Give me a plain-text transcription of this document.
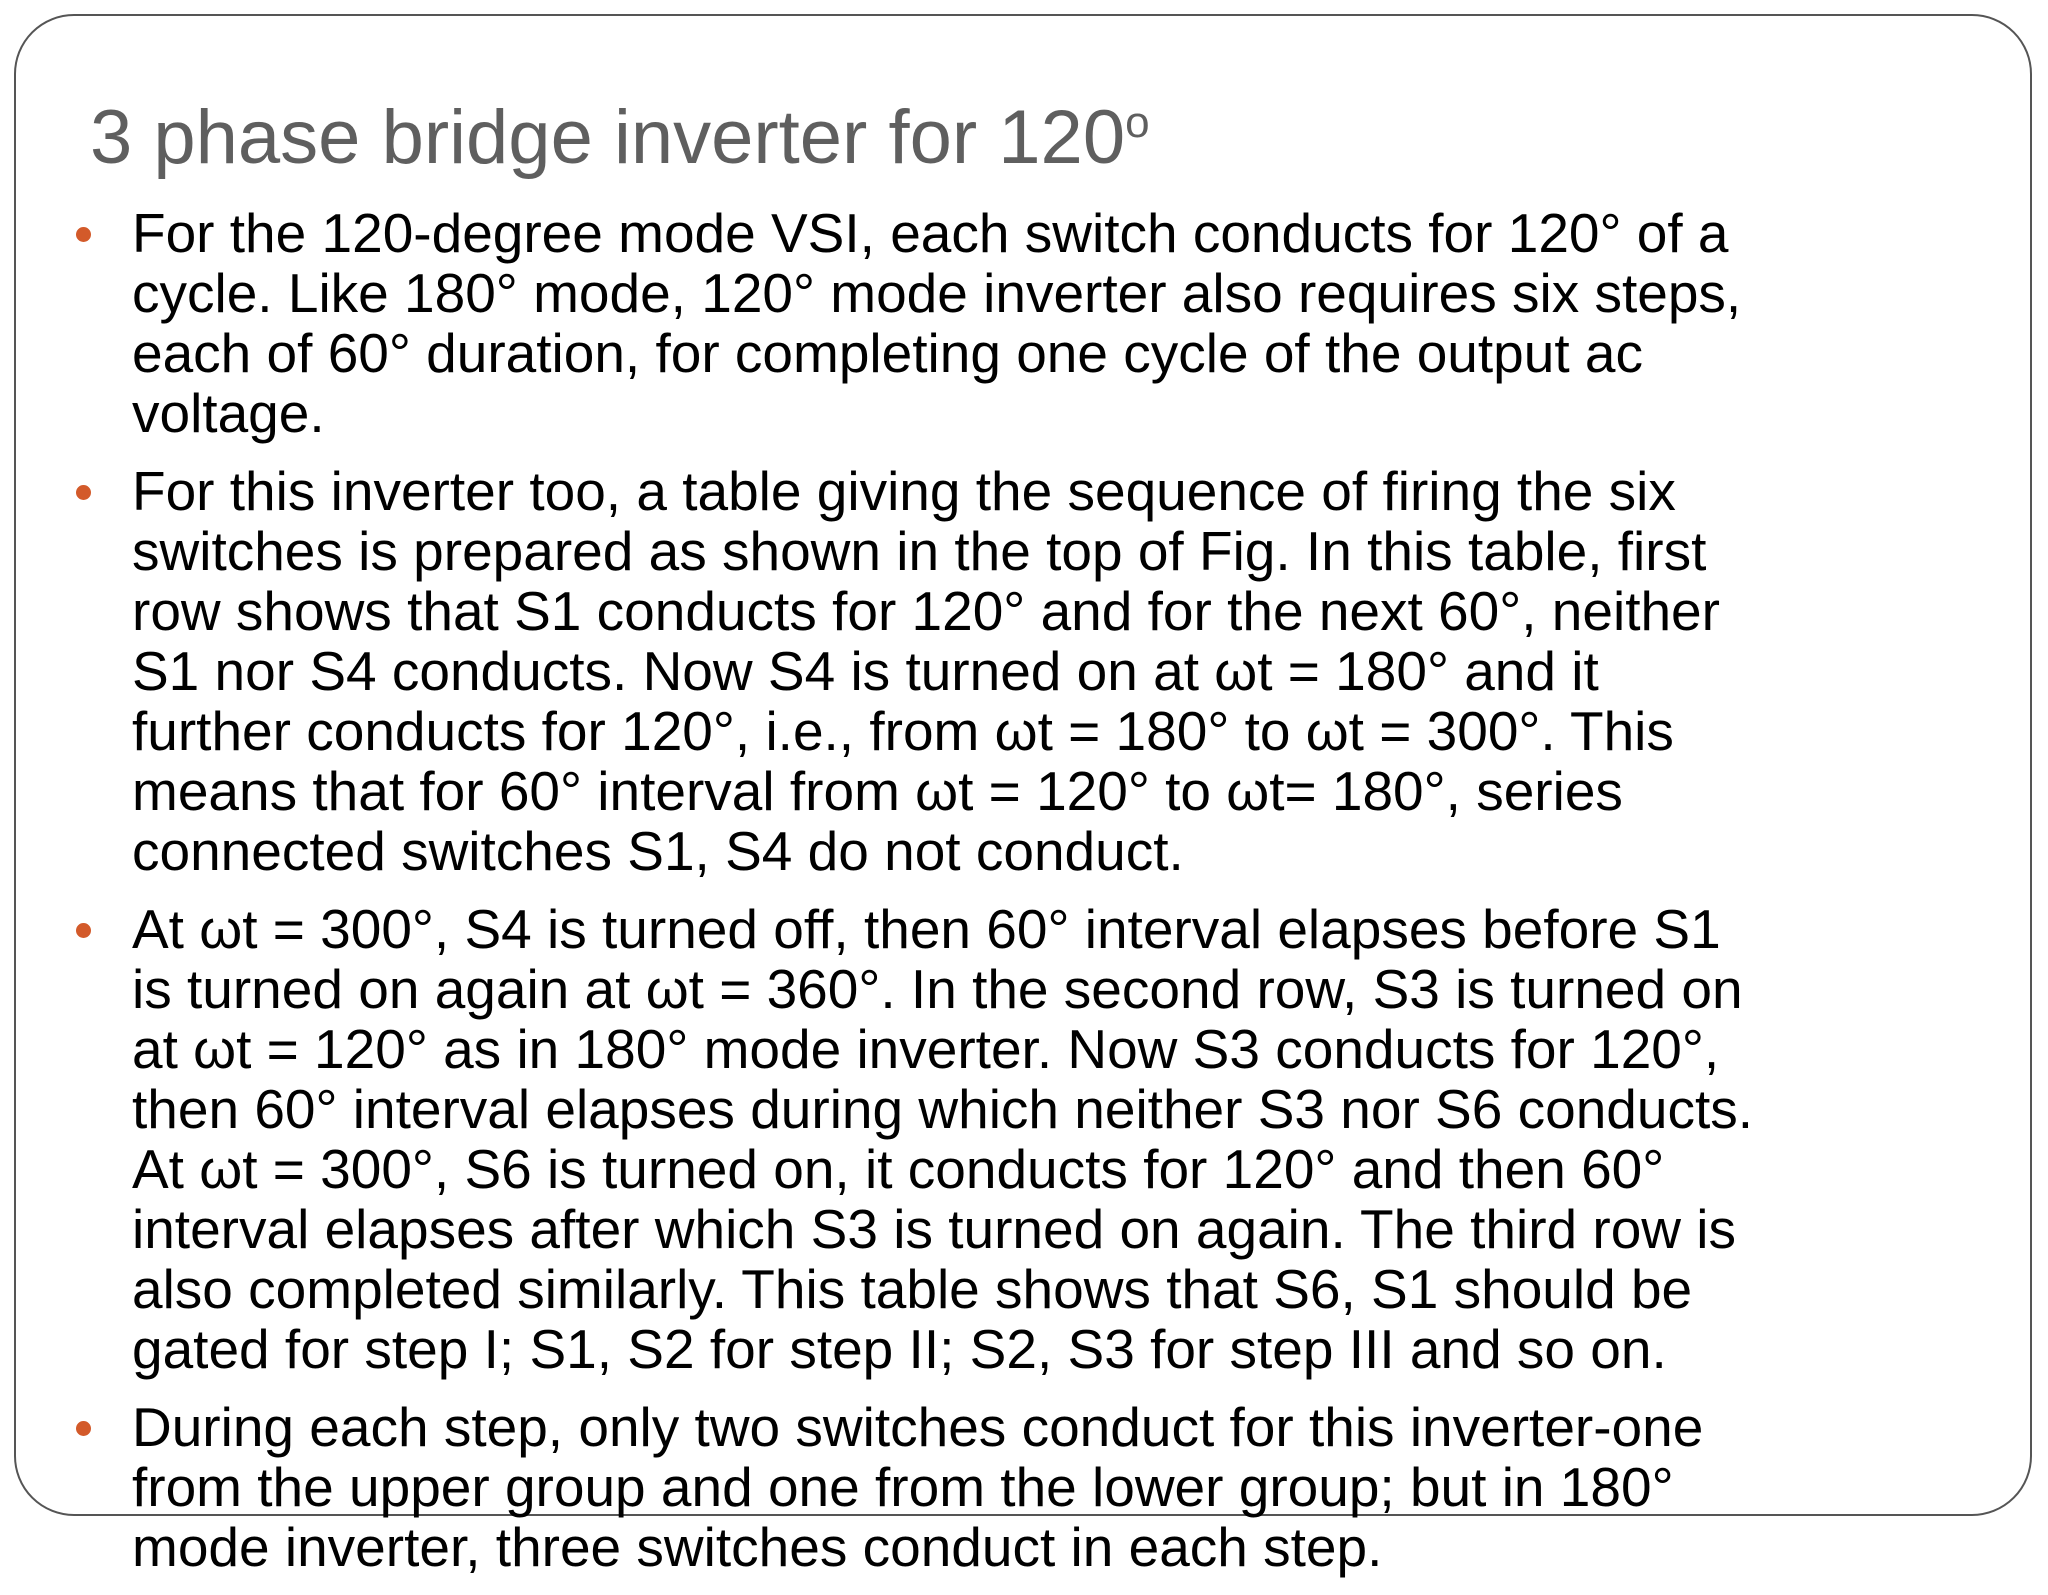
3 phase bridge inverter for 120$^o$
For the 120-degree mode VSI, each switch conducts for 120° of a
cycle. Like 180° mode, 120° mode inverter also requires six steps,
each of 60° duration, for completing one cycle of the output ac
voltage.
For this inverter too, a table giving the sequence of firing the six
switches is prepared as shown in the top of Fig. In this table, first
row shows that S1 conducts for 120° and for the next 60°, neither
S1 nor S4 conducts. Now S4 is turned on at ωt = 180° and it
further conducts for 120°, i.e., from ωt = 180° to ωt = 300°. This
means that for 60° interval from ωt = 120° to ωt= 180°, series
connected switches S1, S4 do not conduct.
At ωt = 300°, S4 is turned off, then 60° interval elapses before S1
is turned on again at ωt = 360°. In the second row, S3 is turned on
at ωt = 120° as in 180° mode inverter. Now S3 conducts for 120°,
then 60° interval elapses during which neither S3 nor S6 conducts.
At ωt = 300°, S6 is turned on, it conducts for 120° and then 60°
interval elapses after which S3 is turned on again. The third row is
also completed similarly. This table shows that S6, S1 should be
gated for step I; S1, S2 for step II; S2, S3 for step III and so on.
During each step, only two switches conduct for this inverter-one
from the upper group and one from the lower group; but in 180°
mode inverter, three switches conduct in each step.
